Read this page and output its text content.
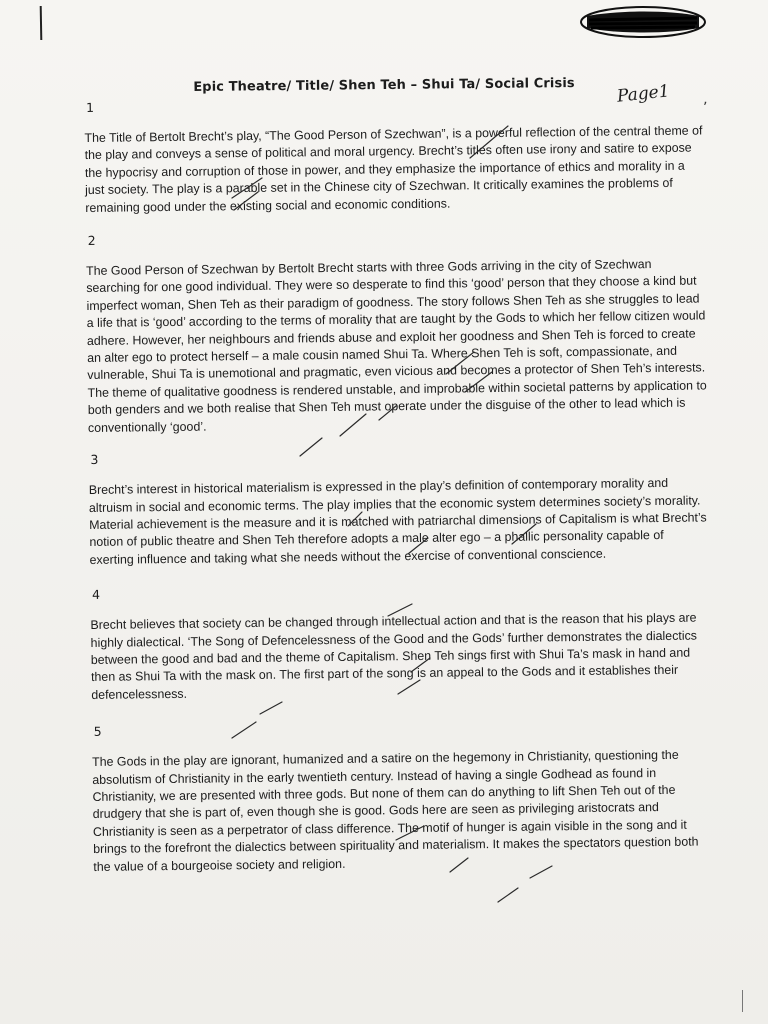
Epic Theatre/ Title/ Shen Teh – Shui Ta/ Social Crisis	Page1
ʼ
1

The Title of Bertolt Brecht’s play, “The Good Person of Szechwan”, is a powerful reflection of the central theme of the play and conveys a sense of political and moral urgency. Brecht’s titles often use irony and satire to expose the hypocrisy and corruption of those in power, and they emphasize the importance of ethics and morality in a just society. The play is a parable set in the Chinese city of Szechwan. It critically examines the problems of remaining good under the existing social and economic conditions.

2

The Good Person of Szechwan by Bertolt Brecht starts with three Gods arriving in the city of Szechwan searching for one good individual. They were so desperate to find this ‘good’ person that they choose a kind but imperfect woman, Shen Teh as their paradigm of goodness. The story follows Shen Teh as she struggles to lead a life that is ‘good’ according to the terms of morality that are taught by the Gods to which her fellow citizen would adhere. However, her neighbours and friends abuse and exploit her goodness and Shen Teh is forced to create an alter ego to protect herself – a male cousin named Shui Ta. Where Shen Teh is soft, compassionate, and vulnerable, Shui Ta is unemotional and pragmatic, even vicious and becomes a protector of Shen Teh’s interests. The theme of qualitative goodness is rendered unstable, and improbable within societal patterns by application to both genders and we both realise that Shen Teh must operate under the disguise of the other to lead which is conventionally ‘good’.

3

Brecht’s interest in historical materialism is expressed in the play’s definition of contemporary morality and altruism in social and economic terms. The play implies that the economic system determines society’s morality. Material achievement is the measure and it is matched with patriarchal dimensions of Capitalism is what Brecht’s notion of public theatre and Shen Teh therefore adopts a male alter ego – a phallic personality capable of exerting influence and taking what she needs without the exercise of conventional conscience.

4

Brecht believes that society can be changed through intellectual action and that is the reason that his plays are highly dialectical. ‘The Song of Defencelessness of the Good and the Gods’ further demonstrates the dialectics between the good and bad and the theme of Capitalism. Shen Teh sings first with Shui Ta’s mask in hand and then as Shui Ta with the mask on. The first part of the song is an appeal to the Gods and it establishes their defencelessness.

5

The Gods in the play are ignorant, humanized and a satire on the hegemony in Christianity, questioning the absolutism of Christianity in the early twentieth century. Instead of having a single Godhead as found in Christianity, we are presented with three gods. But none of them can do anything to lift Shen Teh out of the drudgery that she is part of, even though she is good. Gods here are seen as privileging aristocrats and Christianity is seen as a perpetrator of class difference. The motif of hunger is again visible in the song and it brings to the forefront the dialectics between spirituality and materialism. It makes the spectators question both the value of a bourgeoise society and religion.
